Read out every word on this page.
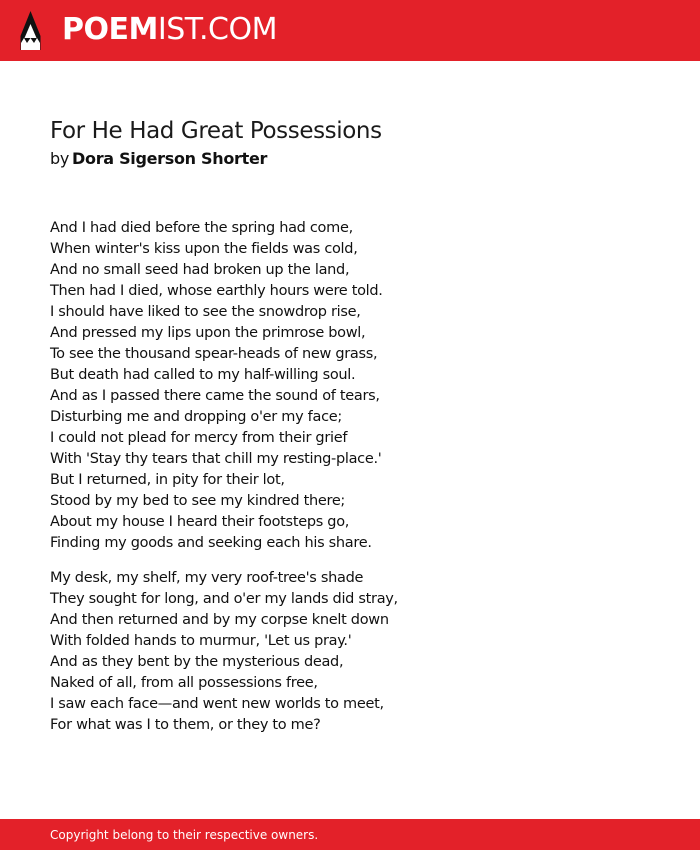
POEMIST.COM
For He Had Great Possessions
by Dora Sigerson Shorter
And I had died before the spring had come,
When winter's kiss upon the fields was cold,
And no small seed had broken up the land,
Then had I died, whose earthly hours were told.
I should have liked to see the snowdrop rise,
And pressed my lips upon the primrose bowl,
To see the thousand spear-heads of new grass,
But death had called to my half-willing soul.
And as I passed there came the sound of tears,
Disturbing me and dropping o'er my face;
I could not plead for mercy from their grief
With 'Stay thy tears that chill my resting-place.'
But I returned, in pity for their lot,
Stood by my bed to see my kindred there;
About my house I heard their footsteps go,
Finding my goods and seeking each his share.
My desk, my shelf, my very roof-tree's shade
They sought for long, and o'er my lands did stray,
And then returned and by my corpse knelt down
With folded hands to murmur, 'Let us pray.'
And as they bent by the mysterious dead,
Naked of all, from all possessions free,
I saw each face—and went new worlds to meet,
For what was I to them, or they to me?
Copyright belong to their respective owners.
